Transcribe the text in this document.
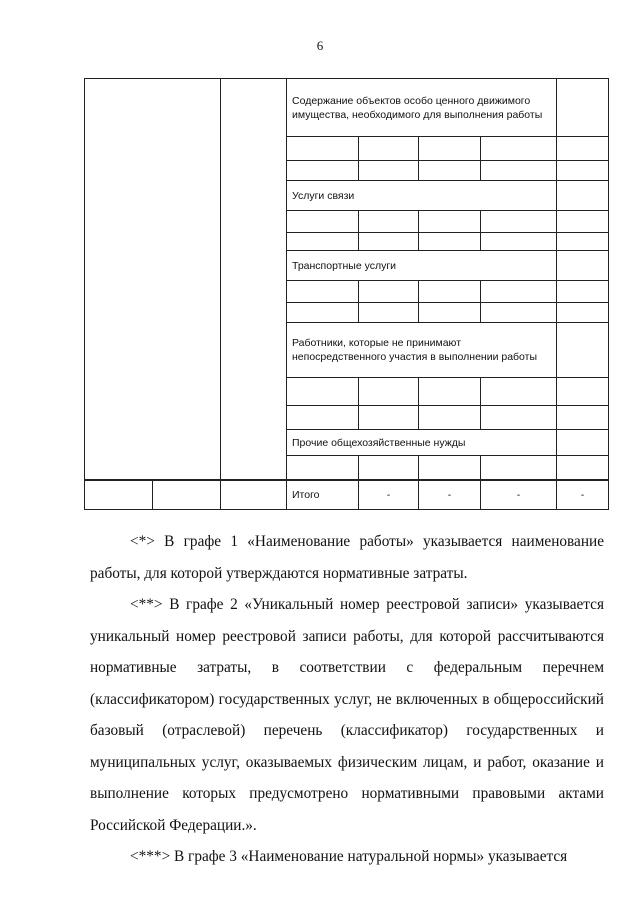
6
		Содержание объектов особо ценного движимого имущества, необходимого для выполнения работы				

		Услуги связи				

		Транспортные услуги				

		Работники, которые не принимают непосредственного участия в выполнении работы				

		Прочие общехозяйственные нужды				

			Итого	-	-	-	-

<*> В графе 1 «Наименование работы» указывается наименование работы, для которой утверждаются нормативные затраты.

<**> В графе 2 «Уникальный номер реестровой записи» указывается уникальный номер реестровой записи работы, для которой рассчитываются нормативные затраты, в соответствии с федеральным перечнем (классификатором) государственных услуг, не включенных в общероссийский базовый (отраслевой) перечень (классификатор) государственных и муниципальных услуг, оказываемых физическим лицам, и работ, оказание и выполнение которых предусмотрено нормативными правовыми актами Российской Федерации.».

<***> В графе 3 «Наименование натуральной нормы» указывается
